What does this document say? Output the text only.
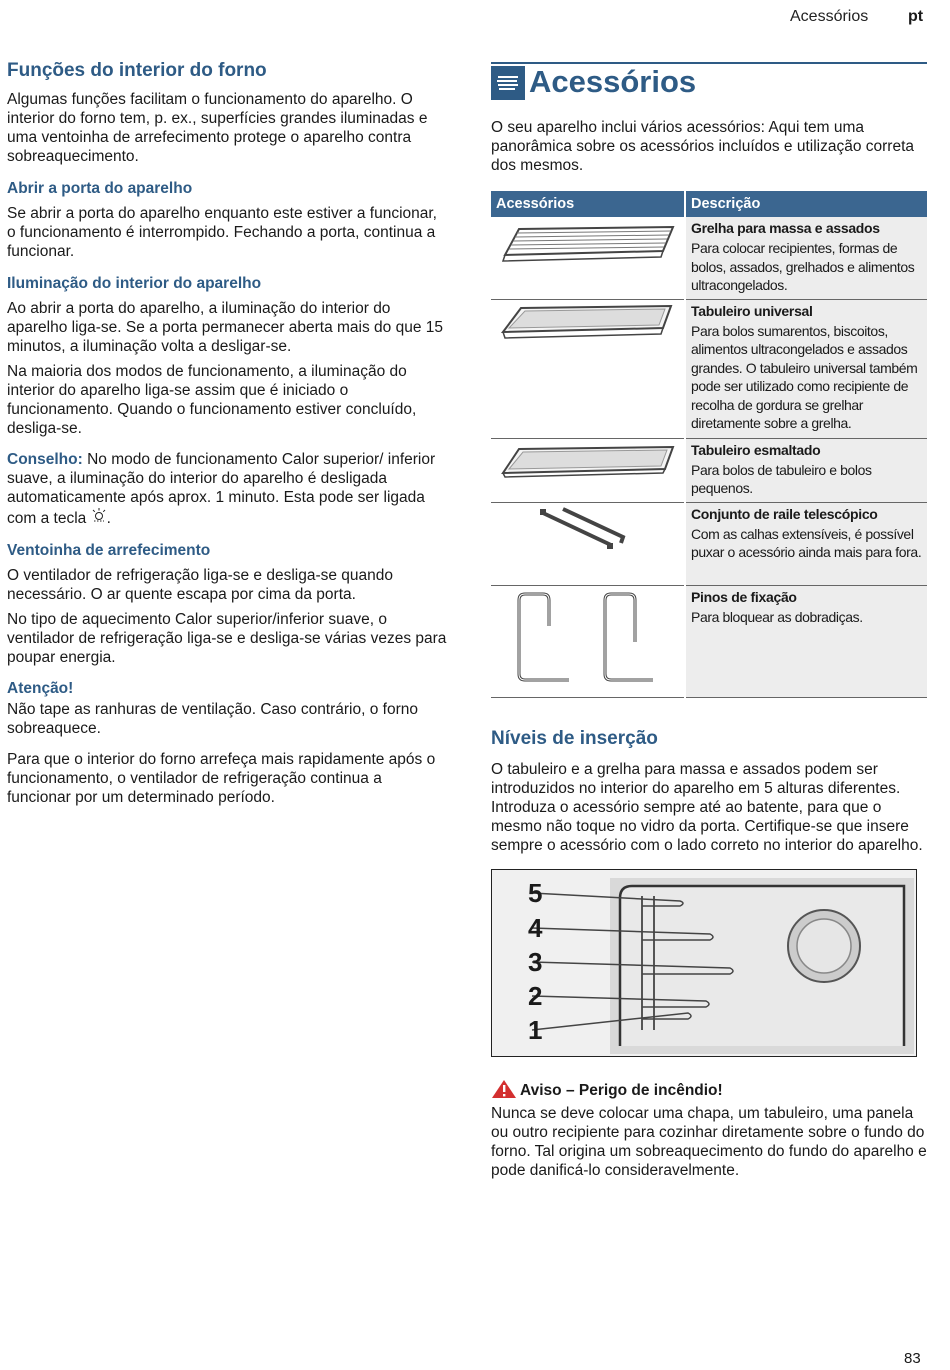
Acessórios pt
Funções do interior do forno

Algumas funções facilitam o funcionamento do aparelho. O interior do forno tem, p. ex., superfícies grandes iluminadas e uma ventoinha de arrefecimento protege o aparelho contra sobreaquecimento.

Abrir a porta do aparelho

Se abrir a porta do aparelho enquanto este estiver a funcionar, o funcionamento é interrompido. Fechando a porta, continua a funcionar.

Iluminação do interior do aparelho

Ao abrir a porta do aparelho, a iluminação do interior do aparelho liga-se. Se a porta permanecer aberta mais do que 15 minutos, a iluminação volta a desligar-se.

Na maioria dos modos de funcionamento, a iluminação do interior do aparelho liga-se assim que é iniciado o funcionamento. Quando o funcionamento estiver concluído, desliga-se.

Conselho: No modo de funcionamento Calor superior/ inferior suave, a iluminação do interior do aparelho é desligada automaticamente após aprox. 1 minuto. Esta pode ser ligada com a tecla .

Ventoinha de arrefecimento

O ventilador de refrigeração liga-se e desliga-se quando necessário. O ar quente escapa por cima da porta.

No tipo de aquecimento Calor superior/inferior suave, o ventilador de refrigeração liga-se e desliga-se várias vezes para poupar energia.

Atenção!

Não tape as ranhuras de ventilação. Caso contrário, o forno sobreaquece.

Para que o interior do forno arrefeça mais rapidamente após o funcionamento, o ventilador de refrigeração continua a funcionar por um determinado período.

Acessórios

O seu aparelho inclui vários acessórios: Aqui tem uma panorâmica sobre os acessórios incluídos e utilização correta dos mesmos.

Acessórios	Descrição

Grelha para massa e assados
Para colocar recipientes, formas de bolos, assados, grelhados e alimentos ultracongelados.

Tabuleiro universal
Para bolos sumarentos, biscoitos, alimentos ultracongelados e assados grandes. O tabuleiro universal também pode ser utilizado como recipiente de recolha de gordura se grelhar diretamente sobre a grelha.

Tabuleiro esmaltado
Para bolos de tabuleiro e bolos pequenos.

Conjunto de raile telescópico
Com as calhas extensíveis, é possível puxar o acessório ainda mais para fora.

Pinos de fixação
Para bloquear as dobradiças.
Níveis de inserção

O tabuleiro e a grelha para massa e assados podem ser introduzidos no interior do aparelho em 5 alturas diferentes. Introduza o acessório sempre até ao batente, para que o mesmo não toque no vidro da porta. Certifique-se que insere sempre o acessório com o lado correto no interior do aparelho.

5
4
3
2
1
Aviso – Perigo de incêndio!

Nunca se deve colocar uma chapa, um tabuleiro, uma panela ou outro recipiente para cozinhar diretamente sobre o fundo do forno. Tal origina um sobreaquecimento do fundo do aparelho e pode danificá-lo consideravelmente.

83
